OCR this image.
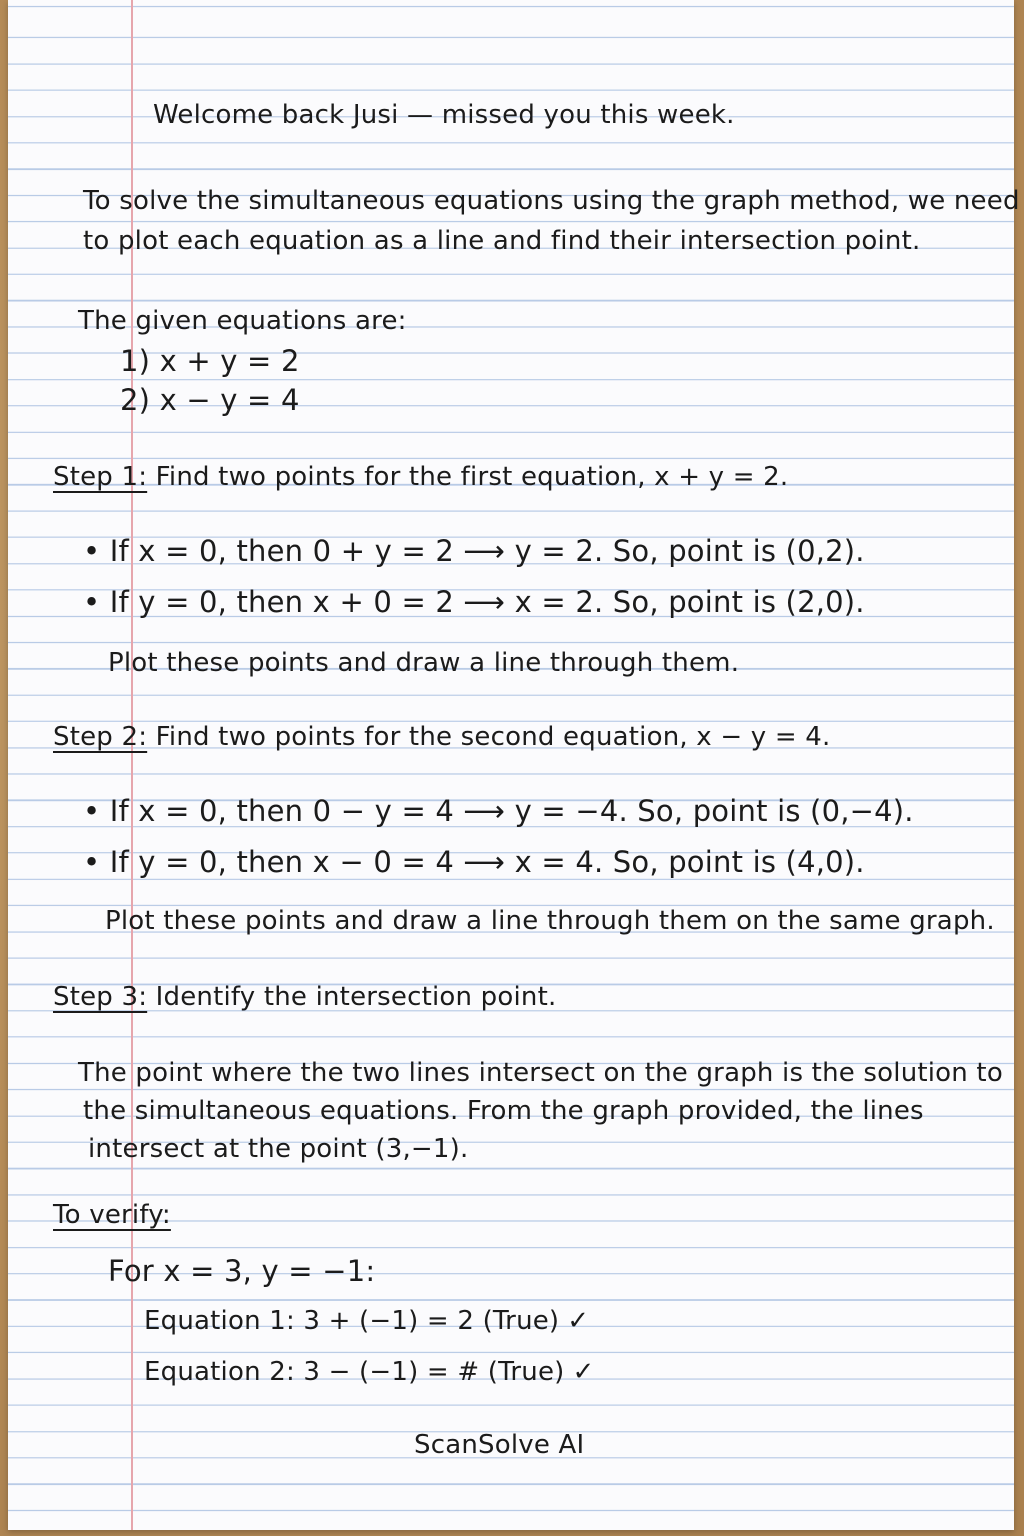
Welcome back Jusi — missed you this week.

To solve the simultaneous equations using the graph method, we need

to plot each equation as a line and find their intersection point.

The given equations are:

1) x + y = 2

2) x − y = 4

Step 1: Find two points for the first equation, x + y = 2.

• If x = 0, then 0 + y = 2 ⟶ y = 2. So, point is (0,2).

• If y = 0, then x + 0 = 2 ⟶ x = 2. So, point is (2,0).

Plot these points and draw a line through them.

Step 2: Find two points for the second equation, x − y = 4.

• If x = 0, then 0 − y = 4 ⟶ y = −4. So, point is (0,−4).

• If y = 0, then x − 0 = 4 ⟶ x = 4. So, point is (4,0).

Plot these points and draw a line through them on the same graph.

Step 3: Identify the intersection point.

The point where the two lines intersect on the graph is the solution to

the simultaneous equations. From the graph provided, the lines

intersect at the point (3,−1).

To verify:

For x = 3, y = −1:

Equation 1: 3 + (−1) = 2 (True) ✓

Equation 2: 3 − (−1) = # (True) ✓

ScanSolve AI
